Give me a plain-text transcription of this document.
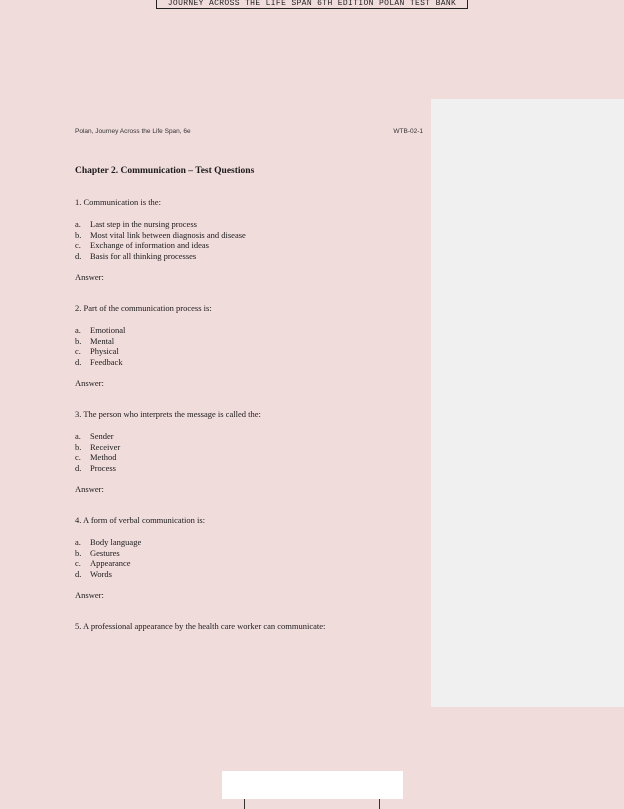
JOURNEY ACROSS THE LIFE SPAN 6TH EDITION POLAN TEST BANK
Polan, Journey Across the Life Span, 6e	WTB-02-1
Chapter 2. Communication – Test Questions
1. Communication is the:
a. Last step in the nursing process
b. Most vital link between diagnosis and disease
c. Exchange of information and ideas
d. Basis for all thinking processes
Answer:
2. Part of the communication process is:
a. Emotional
b. Mental
c. Physical
d. Feedback
Answer:
3. The person who interprets the message is called the:
a. Sender
b. Receiver
c. Method
d. Process
Answer:
4. A form of verbal communication is:
a. Body language
b. Gestures
c. Appearance
d. Words
Answer:
5. A professional appearance by the health care worker can communicate:
